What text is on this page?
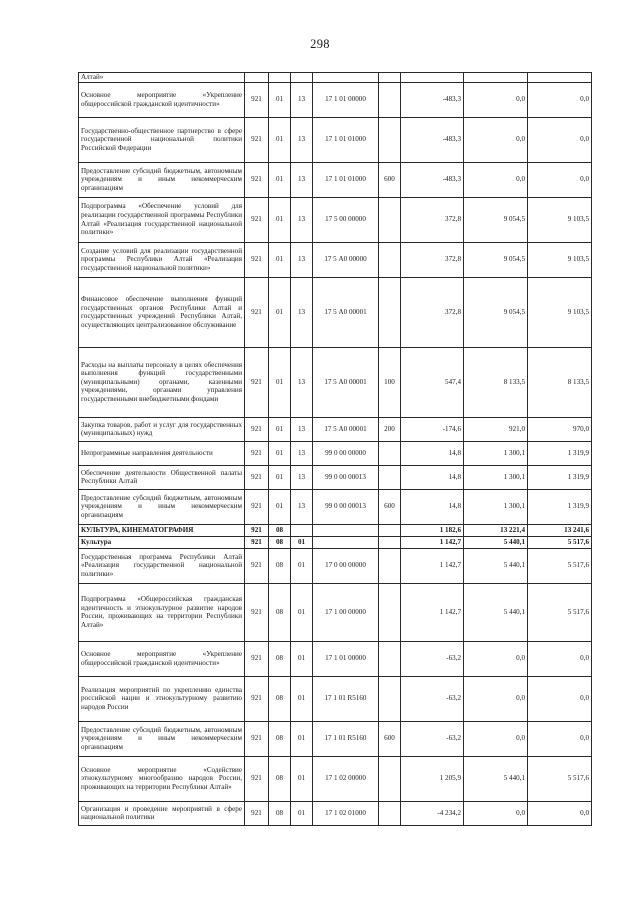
298
Алтай»								
Основное мероприятие «Укрепление общероссийской гражданской идентичности»	921	01	13	17 1 01 00000		-483,3	0,0	0,0
Государственно-общественное партнерство в сфере государственной национальной политики Российской Федерации	921	01	13	17 1 01 01000		-483,3	0,0	0,0
Предоставление субсидий бюджетным, автономным учреждениям и иным некоммерческим организациям	921	01	13	17 1 01 01000	600	-483,3	0,0	0,0
Подпрограмма «Обеспечение условий для реализации государственной программы Республики Алтай «Реализация государственной национальной политики»	921	01	13	17 5 00 00000		372,8	9 054,5	9 103,5
Создание условий для реализации государственной программы Республики Алтай «Реализация государственной национальной политики»	921	01	13	17 5 А0 00000		372,8	9 054,5	9 103,5
Финансовое обеспечение выполнения функций государственных органов Республики Алтай и государственных учреждений Республики Алтай, осуществляющих централизованное обслуживание	921	01	13	17 5 А0 00001		372,8	9 054,5	9 103,5
Расходы на выплаты персоналу в целях обеспечения выполнения функций государственными (муниципальными) органами, казенными учреждениями, органами управления государственными внебюджетными фондами	921	01	13	17 5 А0 00001	100	547,4	8 133,5	8 133,5
Закупка товаров, работ и услуг для государственных (муниципальных) нужд	921	01	13	17 5 А0 00001	200	-174,6	921,0	970,0
Непрограммные направления деятельности	921	01	13	99 0 00 00000		14,8	1 300,1	1 319,9
Обеспечение деятельности Общественной палаты Республики Алтай	921	01	13	99 0 00 00013		14,8	1 300,1	1 319,9
Предоставление субсидий бюджетным, автономным учреждениям и иным некоммерческим организациям	921	01	13	99 0 00 00013	600	14,8	1 300,1	1 319,9
КУЛЬТУРА, КИНЕМАТОГРАФИЯ	921	08				1 182,6	13 221,4	13 241,6
Культура	921	08	01			1 142,7	5 440,1	5 517,6
Государственная программа Республики Алтай «Реализация государственной национальной политики»	921	08	01	17 0 00 00000		1 142,7	5 440,1	5 517,6
Подпрограмма «Общероссийская гражданская идентичность и этнокультурное развитие народов России, проживающих на территории Республики Алтай»	921	08	01	17 1 00 00000		1 142,7	5 440,1	5 517,6
Основное мероприятие «Укрепление общероссийской гражданской идентичности»	921	08	01	17 1 01 00000		-63,2	0,0	0,0
Реализация мероприятий по укреплению единства российской нации и этнокультурному развитию народов России	921	08	01	17 1 01 R5160		-63,2	0,0	0,0
Предоставление субсидий бюджетным, автономным учреждениям и иным некоммерческим организациям	921	08	01	17 1 01 R5160	600	-63,2	0,0	0,0
Основное мероприятие «Содействие этнокультурному многообразию народов России, проживающих на территории Республики Алтай»	921	08	01	17 1 02 00000		1 205,9	5 440,1	5 517,6
Организация и проведение мероприятий в сфере национальной политики	921	08	01	17 1 02 01000		-4 234,2	0,0	0,0
